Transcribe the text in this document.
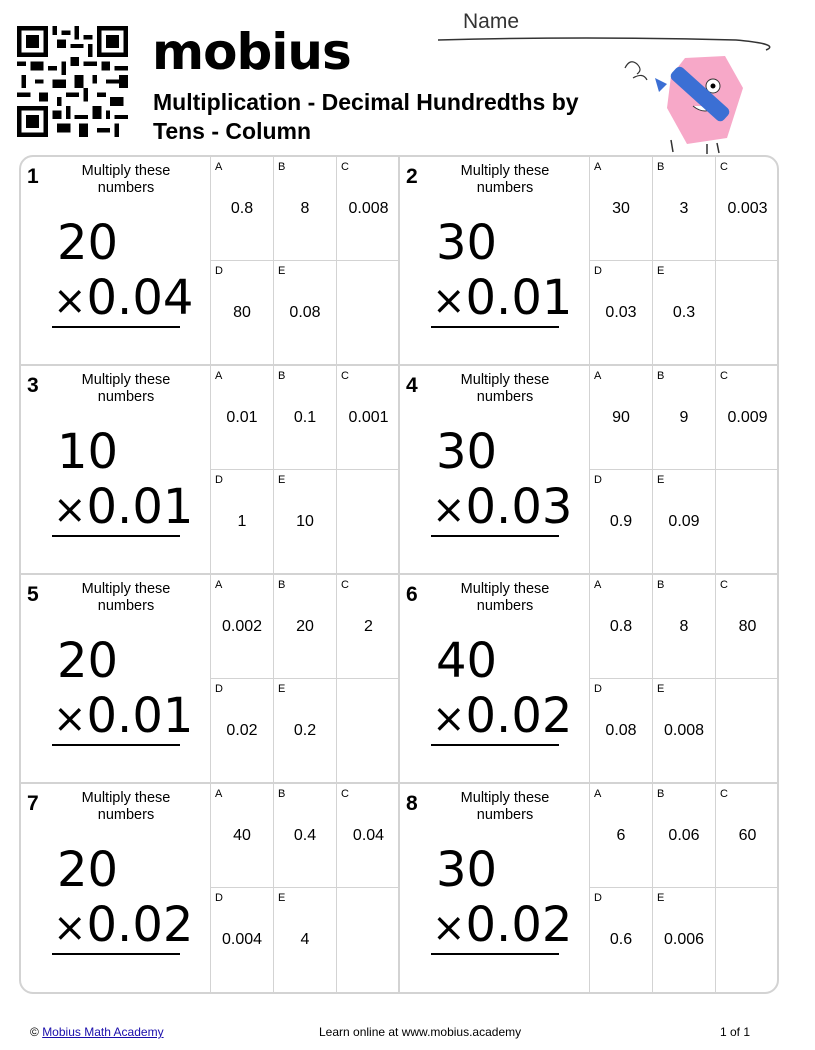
mobius
Multiplication - Decimal Hundredths by Tens - Column
Name
1	Multiply these numbers
20
×0.04
A
0.8
B
8
C
0.008
D
80
E
0.08
2	Multiply these numbers
30
×0.01
A
30
B
3
C
0.003
D
0.03
E
0.3
3	Multiply these numbers
10
×0.01
A
0.01
B
0.1
C
0.001
D
1
E
10
4	Multiply these numbers
30
×0.03
A
90
B
9
C
0.009
D
0.9
E
0.09
5	Multiply these numbers
20
×0.01
A
0.002
B
20
C
2
D
0.02
E
0.2
6	Multiply these numbers
40
×0.02
A
0.8
B
8
C
80
D
0.08
E
0.008
7	Multiply these numbers
20
×0.02
A
40
B
0.4
C
0.04
D
0.004
E
4
8	Multiply these numbers
30
×0.02
A
6
B
0.06
C
60
D
0.6
E
0.006
© Mobius Math Academy	Learn online at www.mobius.academy	1 of 1
